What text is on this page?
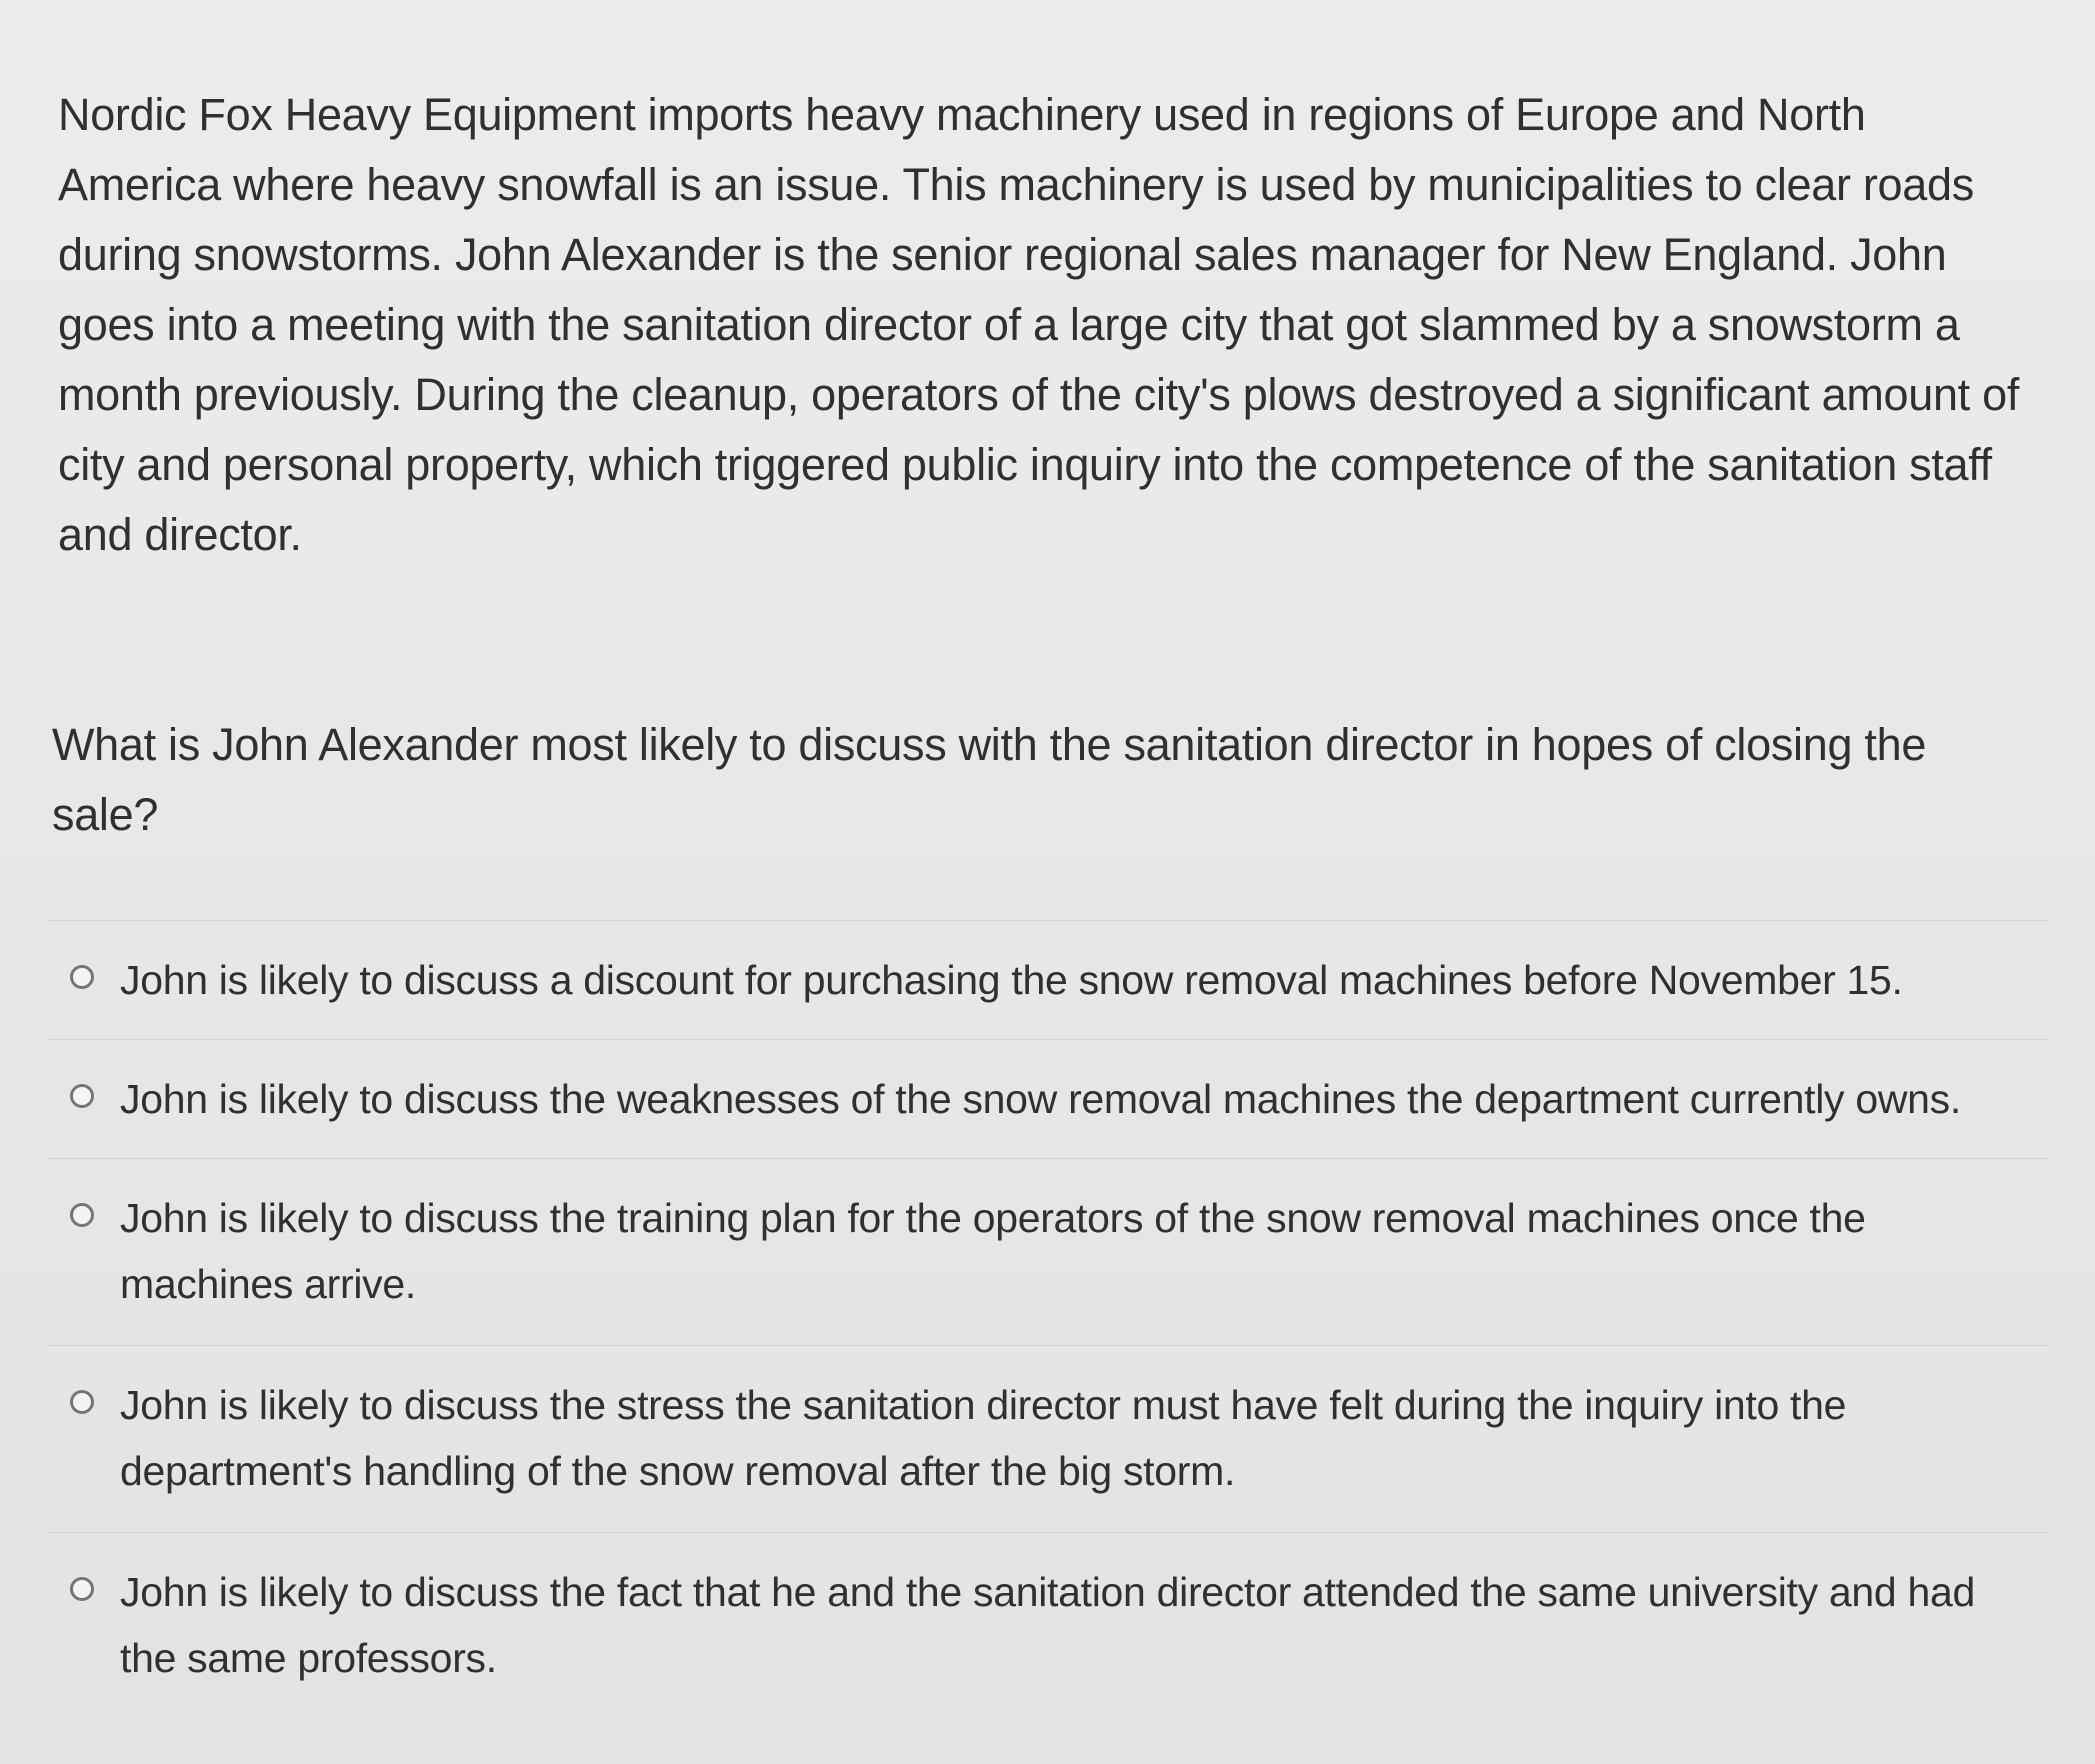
Nordic Fox Heavy Equipment imports heavy machinery used in regions of Europe and North America where heavy snowfall is an issue. This machinery is used by municipalities to clear roads during snowstorms. John Alexander is the senior regional sales manager for New England. John goes into a meeting with the sanitation director of a large city that got slammed by a snowstorm a month previously. During the cleanup, operators of the city's plows destroyed a significant amount of city and personal property, which triggered public inquiry into the competence of the sanitation staff and director.

What is John Alexander most likely to discuss with the sanitation director in hopes of closing the sale?

John is likely to discuss a discount for purchasing the snow removal machines before November 15.
John is likely to discuss the weaknesses of the snow removal machines the department currently owns.
John is likely to discuss the training plan for the operators of the snow removal machines once the machines arrive.
John is likely to discuss the stress the sanitation director must have felt during the inquiry into the department's handling of the snow removal after the big storm.
John is likely to discuss the fact that he and the sanitation director attended the same university and had the same professors.
